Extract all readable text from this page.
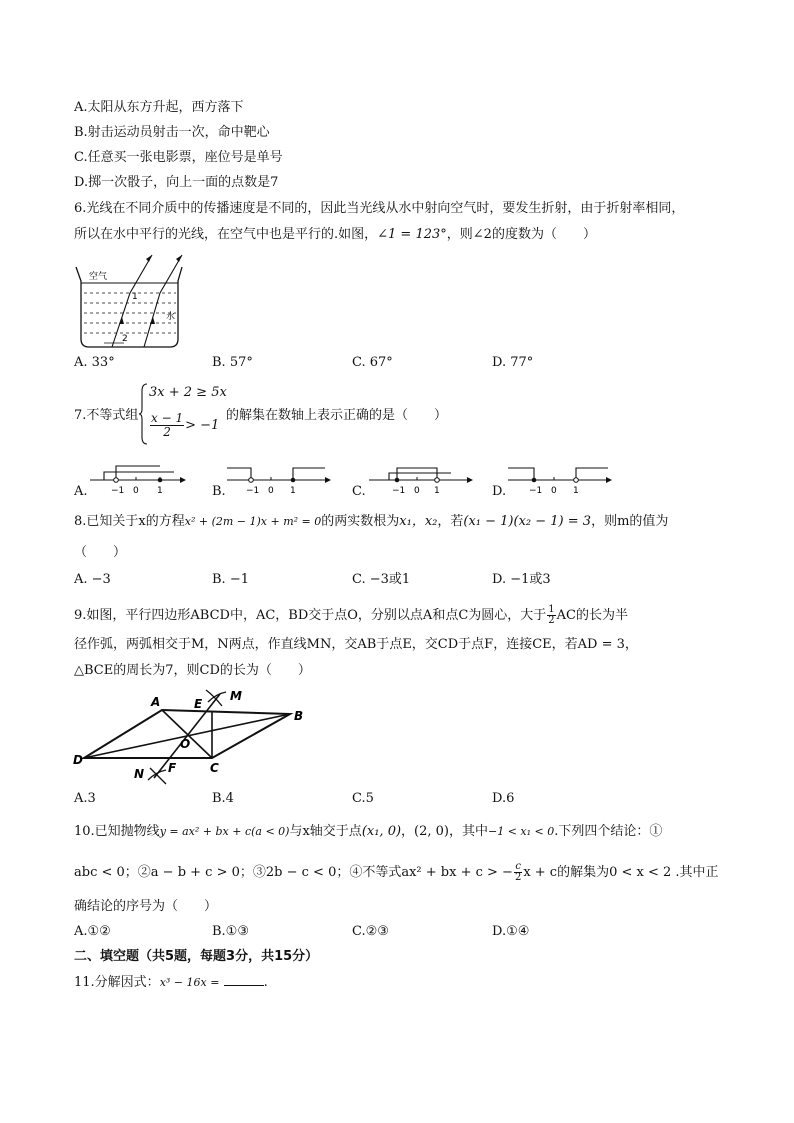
A.太阳从东方升起，西方落下
B.射击运动员射击一次，命中靶心
C.任意买一张电影票，座位号是单号
D.掷一次骰子，向上一面的点数是7
6.光线在不同介质中的传播速度是不同的，因此当光线从水中射向空气时，要发生折射，由于折射率相同，
所以在水中平行的光线，在空气中也是平行的.如图，∠1 = 123°，则∠2的度数为（　　）
空气
1
水
2
A. 33°	B. 57°	C. 67°	D. 77°
7.不等式组
3x + 2 ≥ 5x
$\frac{x - 1}{2} > -1$
的解集在数轴上表示正确的是（　　）
A.	B.	C.	D.
−1 0 1	−1 0 1	−1 0 1	−1 0 1
8.已知关于x的方程x² + (2m − 1)x + m² = 0的两实数根为x₁，x₂，若(x₁ − 1)(x₂ − 1) = 3，则m的值为
（　　）
A. −3	B. −1	C. −3或1	D. −1或3
9.如图，平行四边形ABCD中，AC，BD交于点O，分别以点A和点C为圆心，大于 $\frac{1}{2}$ AC的长为半
径作弧，两弧相交于M，N两点，作直线MN，交AB于点E，交CD于点F，连接CE，若AD = 3，
△BCE的周长为7，则CD的长为（　　）
A
B
C
D
E
F
M
N
O
A.3	B.4	C.5	D.6
10.已知抛物线y = ax² + bx + c(a < 0)与x轴交于点(x₁, 0)，(2, 0)，其中−1 < x₁ < 0.下列四个结论：①
abc < 0；②a − b + c > 0；③2b − c < 0；④不等式ax² + bx + c > − $\frac{c}{2}$ x + c的解集为0 < x < 2 .其中正
确结论的序号为（　　）
A.①②	B.①③	C.②③	D.①④
二、填空题（共5题，每题3分，共15分）
11.分解因式：x³ − 16x =	.
